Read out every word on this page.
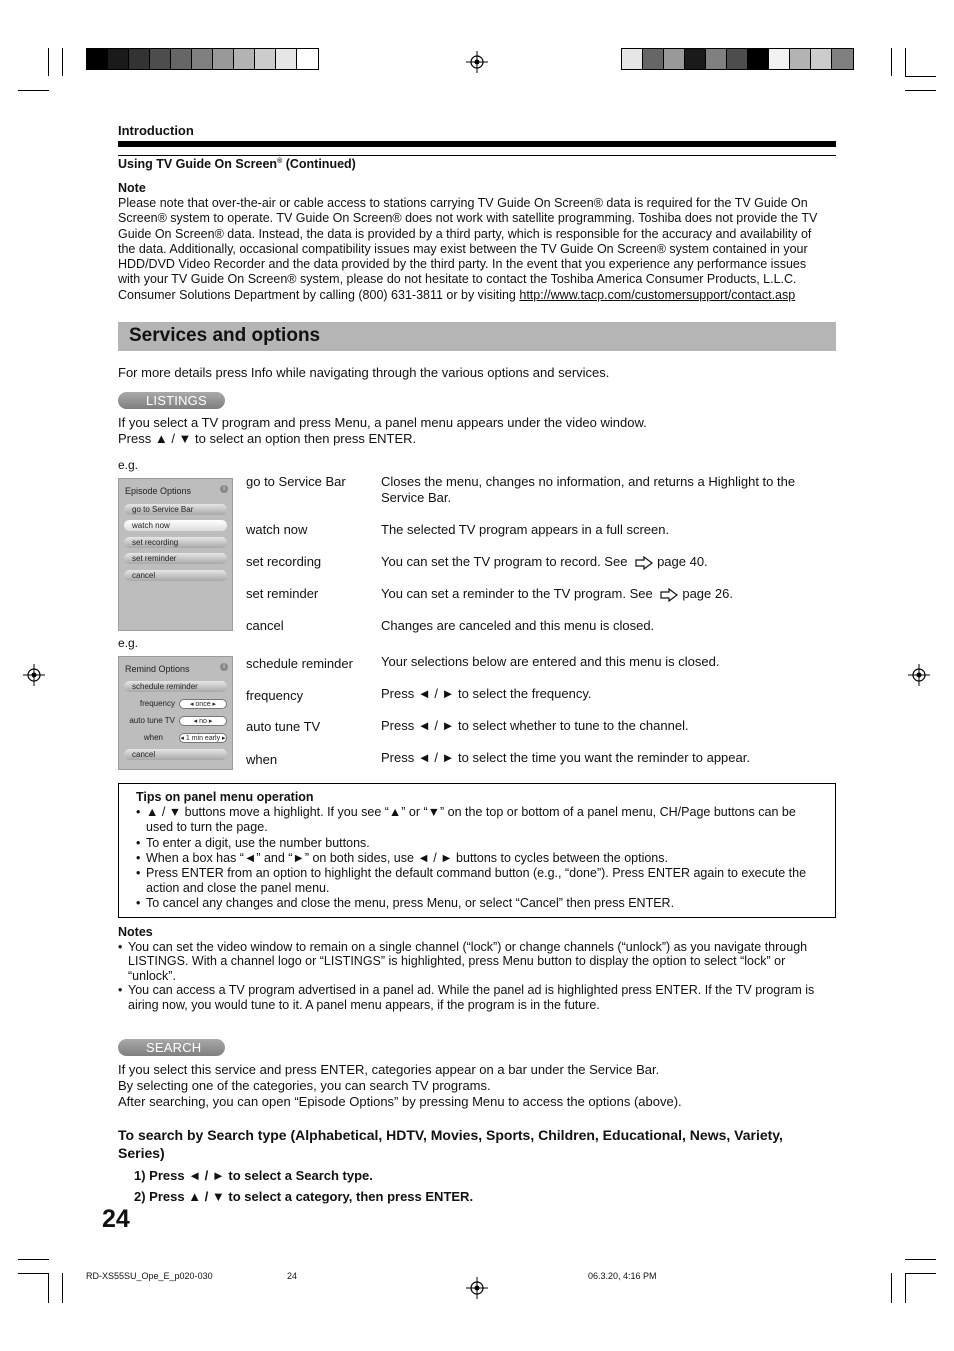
Introduction
Using TV Guide On Screen® (Continued)
Note
Please note that over-the-air or cable access to stations carrying TV Guide On Screen® data is required for the TV Guide On
Screen® system to operate. TV Guide On Screen® does not work with satellite programming. Toshiba does not provide the TV
Guide On Screen® data. Instead, the data is provided by a third party, which is responsible for the accuracy and availability of
the data. Additionally, occasional compatibility issues may exist between the TV Guide On Screen® system contained in your
HDD/DVD Video Recorder and the data provided by the third party. In the event that you experience any performance issues
with your TV Guide On Screen® system, please do not hesitate to contact the Toshiba America Consumer Products, L.L.C.
Consumer Solutions Department by calling (800) 631-3811 or by visiting http://www.tacp.com/customersupport/contact.asp
Services and options
For more details press Info while navigating through the various options and services.
LISTINGS
If you select a TV program and press Menu, a panel menu appears under the video window.
Press ▲ / ▼ to select an option then press ENTER.
e.g.
Episode Options	i
go to Service Bar
watch now
set recording
set reminder
cancel
go to Service Bar	Closes the menu, changes no information, and returns a Highlight to the Service Bar.
watch now	The selected TV program appears in a full screen.
set recording	You can set the TV program to record. See page 40.
set reminder	You can set a reminder to the TV program. See page 26.
cancel	Changes are canceled and this menu is closed.
e.g.
Remind Options	i
schedule reminder
frequency	◂ once ▸
auto tune TV	◂ no ▸
when ◂ 1 min early ▸
cancel
schedule reminder Your selections below are entered and this menu is closed.
frequency	Press ◄ / ► to select the frequency.
auto tune TV	Press ◄ / ► to select whether to tune to the channel.
when	Press ◄ / ► to select the time you want the reminder to appear.
Tips on panel menu operation
• ▲ / ▼ buttons move a highlight. If you see “▲” or “▼” on the top or bottom of a panel menu, CH/Page buttons can be used to turn the page.
• To enter a digit, use the number buttons.
• When a box has “◄” and “►” on both sides, use ◄ / ► buttons to cycles between the options.
• Press ENTER from an option to highlight the default command button (e.g., “done”). Press ENTER again to execute the action and close the panel menu.
• To cancel any changes and close the menu, press Menu, or select “Cancel” then press ENTER.
Notes
• You can set the video window to remain on a single channel (“lock”) or change channels (“unlock”) as you navigate through LISTINGS. With a channel logo or “LISTINGS” is highlighted, press Menu button to display the option to select “lock” or “unlock”.
• You can access a TV program advertised in a panel ad. While the panel ad is highlighted press ENTER. If the TV program is airing now, you would tune to it. A panel menu appears, if the program is in the future.
SEARCH
If you select this service and press ENTER, categories appear on a bar under the Service Bar.
By selecting one of the categories, you can search TV programs.
After searching, you can open “Episode Options” by pressing Menu to access the options (above).
To search by Search type (Alphabetical, HDTV, Movies, Sports, Children, Educational, News, Variety, Series)
1) Press ◄ / ► to select a Search type.
2) Press ▲ / ▼ to select a category, then press ENTER.
24
RD-XS55SU_Ope_E_p020-030	24	06.3.20, 4:16 PM
